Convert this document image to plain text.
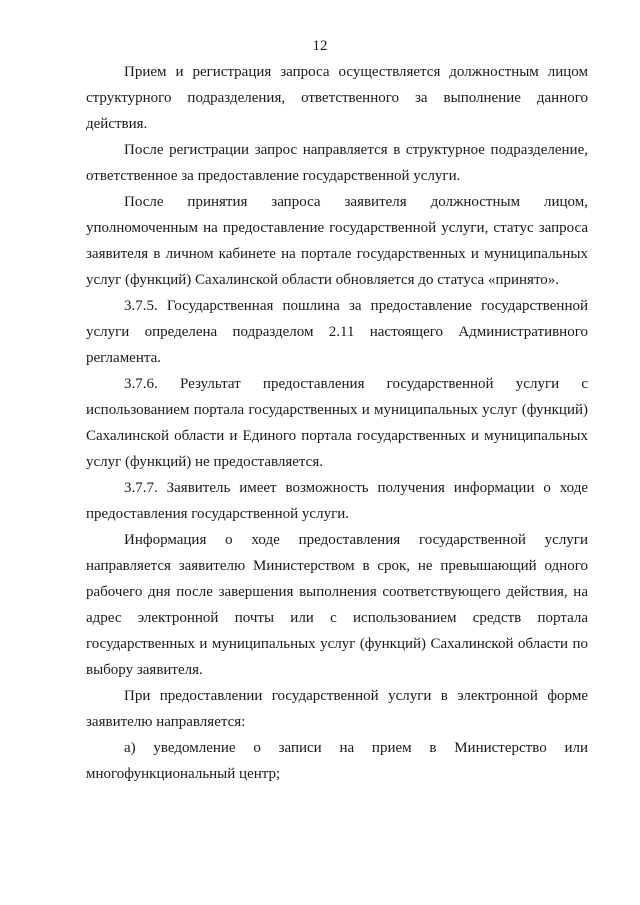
12

Прием и регистрация запроса осуществляется должностным лицом структурного подразделения, ответственного за выполнение данного действия.

После регистрации запрос направляется в структурное подразделение, ответственное за предоставление государственной услуги.

После принятия запроса заявителя должностным лицом, уполномоченным на предоставление государственной услуги, статус запроса заявителя в личном кабинете на портале государственных и муниципальных услуг (функций) Сахалинской области обновляется до статуса «принято».

3.7.5. Государственная пошлина за предоставление государственной услуги определена подразделом 2.11 настоящего Административного регламента.

3.7.6. Результат предоставления государственной услуги с использованием портала государственных и муниципальных услуг (функций) Сахалинской области и Единого портала государственных и муниципальных услуг (функций) не предоставляется.

3.7.7. Заявитель имеет возможность получения информации о ходе предоставления государственной услуги.

Информация о ходе предоставления государственной услуги направляется заявителю Министерством в срок, не превышающий одного рабочего дня после завершения выполнения соответствующего действия, на адрес электронной почты или с использованием средств портала государственных и муниципальных услуг (функций) Сахалинской области по выбору заявителя.

При предоставлении государственной услуги в электронной форме заявителю направляется:

а) уведомление о записи на прием в Министерство или многофункциональный центр;
